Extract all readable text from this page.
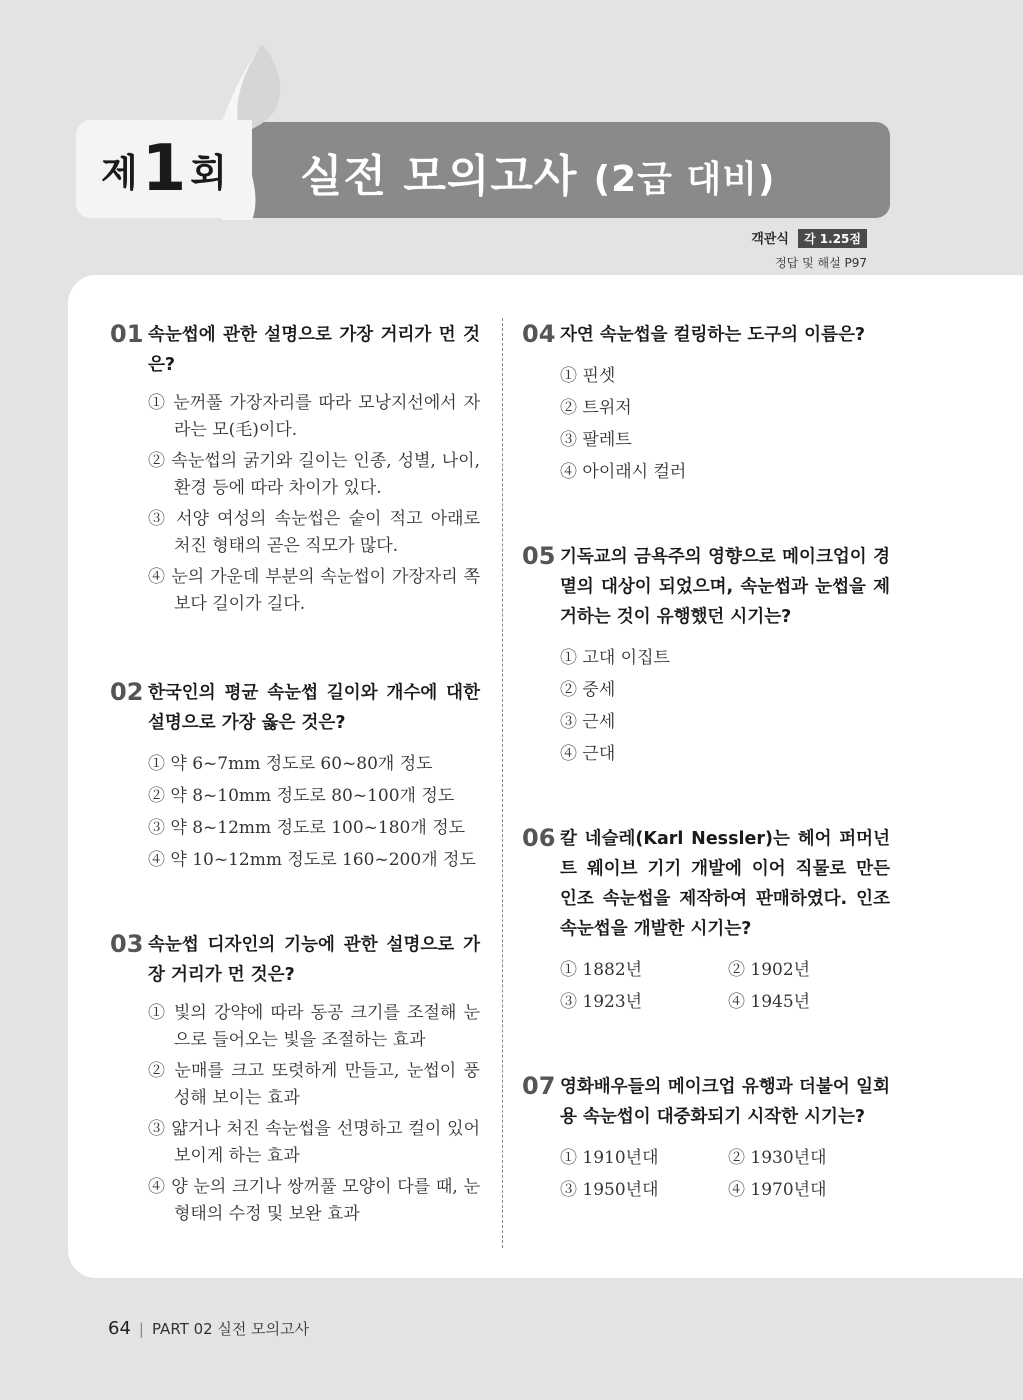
제 1 회 실전 모의고사 (2급 대비)
객관식 각 1.25점
정답 및 해설 P97
01 속눈썹에 관한 설명으로 가장 거리가 먼 것은?
① 눈꺼풀 가장자리를 따라 모낭지선에서 자라는 모(毛)이다.
② 속눈썹의 굵기와 길이는 인종, 성별, 나이, 환경 등에 따라 차이가 있다.
③ 서양 여성의 속눈썹은 숱이 적고 아래로 처진 형태의 곧은 직모가 많다.
④ 눈의 가운데 부분의 속눈썹이 가장자리 쪽보다 길이가 길다.
02 한국인의 평균 속눈썹 길이와 개수에 대한 설명으로 가장 옳은 것은?
① 약 6~7mm 정도로 60~80개 정도
② 약 8~10mm 정도로 80~100개 정도
③ 약 8~12mm 정도로 100~180개 정도
④ 약 10~12mm 정도로 160~200개 정도
03 속눈썹 디자인의 기능에 관한 설명으로 가장 거리가 먼 것은?
① 빛의 강약에 따라 동공 크기를 조절해 눈으로 들어오는 빛을 조절하는 효과
② 눈매를 크고 또렷하게 만들고, 눈썹이 풍성해 보이는 효과
③ 얇거나 처진 속눈썹을 선명하고 컬이 있어 보이게 하는 효과
④ 양 눈의 크기나 쌍꺼풀 모양이 다를 때, 눈 형태의 수정 및 보완 효과
04 자연 속눈썹을 컬링하는 도구의 이름은?
① 핀셋
② 트위저
③ 팔레트
④ 아이래시 컬러
05 기독교의 금욕주의 영향으로 메이크업이 경멸의 대상이 되었으며, 속눈썹과 눈썹을 제거하는 것이 유행했던 시기는?
① 고대 이집트
② 중세
③ 근세
④ 근대
06 칼 네슬레(Karl Nessler)는 헤어 퍼머넌트 웨이브 기기 개발에 이어 직물로 만든 인조 속눈썹을 제작하여 판매하였다. 인조 속눈썹을 개발한 시기는?
① 1882년	② 1902년
③ 1923년	④ 1945년
07 영화배우들의 메이크업 유행과 더불어 일회용 속눈썹이 대중화되기 시작한 시기는?
① 1910년대	② 1930년대
③ 1950년대	④ 1970년대
64 | PART 02 실전 모의고사
